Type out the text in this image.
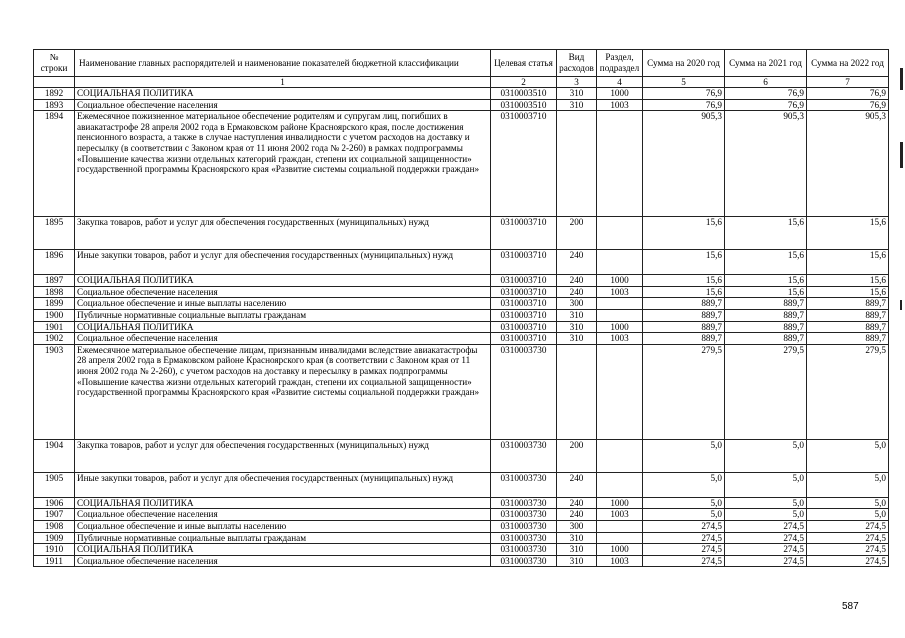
№ строки	Наименование главных распорядителей и наименование показателей бюджетной классификации	Целевая статья	Вид расходов	Раздел, подраздел	Сумма на 2020 год	Сумма на 2021 год	Сумма на 2022 год
	1	2	3	4	5	6	7
1892	СОЦИАЛЬНАЯ ПОЛИТИКА	0310003510	310	1000	76,9	76,9	76,9
1893	Социальное обеспечение населения	0310003510	310	1003	76,9	76,9	76,9
1894	Ежемесячное пожизненное материальное обеспечение родителям и супругам лиц, погибших в авиакатастрофе 28 апреля 2002 года в Ермаковском районе Красноярского края, после достижения пенсионного возраста, а также в случае наступления инвалидности с учетом расходов на доставку и пересылку (в соответствии с Законом края от 11 июня 2002 года № 2-260) в рамках подпрограммы «Повышение качества жизни отдельных категорий граждан, степени их социальной защищенности» государственной программы Красноярского края «Развитие системы социальной поддержки граждан»	0310003710			905,3	905,3	905,3
1895	Закупка товаров, работ и услуг для обеспечения государственных (муниципальных) нужд	0310003710	200		15,6	15,6	15,6
1896	Иные закупки товаров, работ и услуг для обеспечения государственных (муниципальных) нужд	0310003710	240		15,6	15,6	15,6
1897	СОЦИАЛЬНАЯ ПОЛИТИКА	0310003710	240	1000	15,6	15,6	15,6
1898	Социальное обеспечение населения	0310003710	240	1003	15,6	15,6	15,6
1899	Социальное обеспечение и иные выплаты населению	0310003710	300		889,7	889,7	889,7
1900	Публичные нормативные социальные выплаты гражданам	0310003710	310		889,7	889,7	889,7
1901	СОЦИАЛЬНАЯ ПОЛИТИКА	0310003710	310	1000	889,7	889,7	889,7
1902	Социальное обеспечение населения	0310003710	310	1003	889,7	889,7	889,7
1903	Ежемесячное материальное обеспечение лицам, признанным инвалидами вследствие авиакатастрофы 28 апреля 2002 года в Ермаковском районе Красноярского края (в соответствии с Законом края от 11 июня 2002 года № 2-260), с учетом расходов на доставку и пересылку в рамках подпрограммы «Повышение качества жизни отдельных категорий граждан, степени их социальной защищенности» государственной программы Красноярского края «Развитие системы социальной поддержки граждан»	0310003730			279,5	279,5	279,5
1904	Закупка товаров, работ и услуг для обеспечения государственных (муниципальных) нужд	0310003730	200		5,0	5,0	5,0
1905	Иные закупки товаров, работ и услуг для обеспечения государственных (муниципальных) нужд	0310003730	240		5,0	5,0	5,0
1906	СОЦИАЛЬНАЯ ПОЛИТИКА	0310003730	240	1000	5,0	5,0	5,0
1907	Социальное обеспечение населения	0310003730	240	1003	5,0	5,0	5,0
1908	Социальное обеспечение и иные выплаты населению	0310003730	300		274,5	274,5	274,5
1909	Публичные нормативные социальные выплаты гражданам	0310003730	310		274,5	274,5	274,5
1910	СОЦИАЛЬНАЯ ПОЛИТИКА	0310003730	310	1000	274,5	274,5	274,5
1911	Социальное обеспечение населения	0310003730	310	1003	274,5	274,5	274,5
587
